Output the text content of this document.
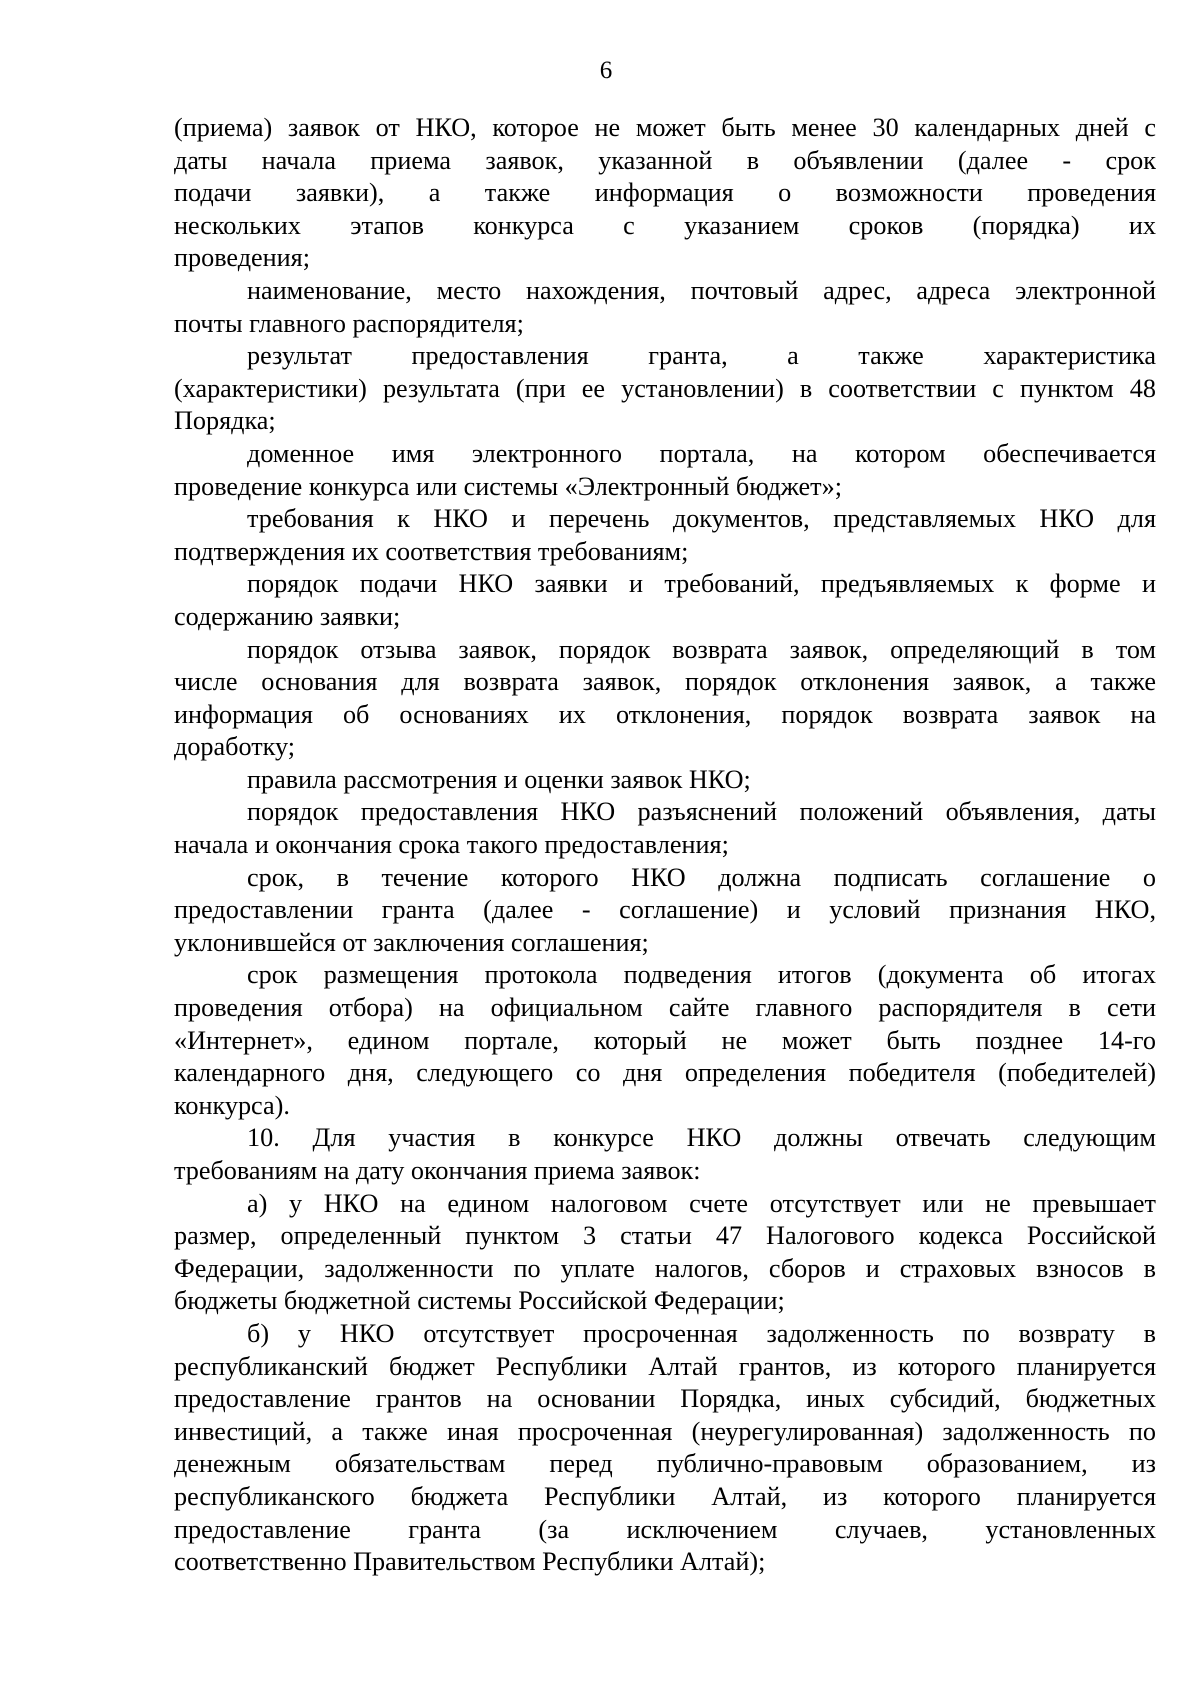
6
(приема) заявок от НКО, которое не может быть менее 30 календарных дней с
даты начала приема заявок, указанной в объявлении (далее - срок
подачи заявки), а также информация о возможности проведения
нескольких этапов конкурса с указанием сроков (порядка) их
проведения;
наименование, место нахождения, почтовый адрес, адреса электронной
почты главного распорядителя;
результат предоставления гранта, а также характеристика
(характеристики) результата (при ее установлении) в соответствии с пунктом 48
Порядка;
доменное имя электронного портала, на котором обеспечивается
проведение конкурса или системы «Электронный бюджет»;
требования к НКО и перечень документов, представляемых НКО для
подтверждения их соответствия требованиям;
порядок подачи НКО заявки и требований, предъявляемых к форме и
содержанию заявки;
порядок отзыва заявок, порядок возврата заявок, определяющий в том
числе основания для возврата заявок, порядок отклонения заявок, а также
информация об основаниях их отклонения, порядок возврата заявок на
доработку;
правила рассмотрения и оценки заявок НКО;
порядок предоставления НКО разъяснений положений объявления, даты
начала и окончания срока такого предоставления;
срок, в течение которого НКО должна подписать соглашение о
предоставлении гранта (далее - соглашение) и условий признания НКО,
уклонившейся от заключения соглашения;
срок размещения протокола подведения итогов (документа об итогах
проведения отбора) на официальном сайте главного распорядителя в сети
«Интернет», едином портале, который не может быть позднее 14-го
календарного дня, следующего со дня определения победителя (победителей)
конкурса).
10. Для участия в конкурсе НКО должны отвечать следующим
требованиям на дату окончания приема заявок:
а) у НКО на едином налоговом счете отсутствует или не превышает
размер, определенный пунктом 3 статьи 47 Налогового кодекса Российской
Федерации, задолженности по уплате налогов, сборов и страховых взносов в
бюджеты бюджетной системы Российской Федерации;
б) у НКО отсутствует просроченная задолженность по возврату в
республиканский бюджет Республики Алтай грантов, из которого планируется
предоставление грантов на основании Порядка, иных субсидий, бюджетных
инвестиций, а также иная просроченная (неурегулированная) задолженность по
денежным обязательствам перед публично-правовым образованием, из
республиканского бюджета Республики Алтай, из которого планируется
предоставление гранта (за исключением случаев, установленных
соответственно Правительством Республики Алтай);
